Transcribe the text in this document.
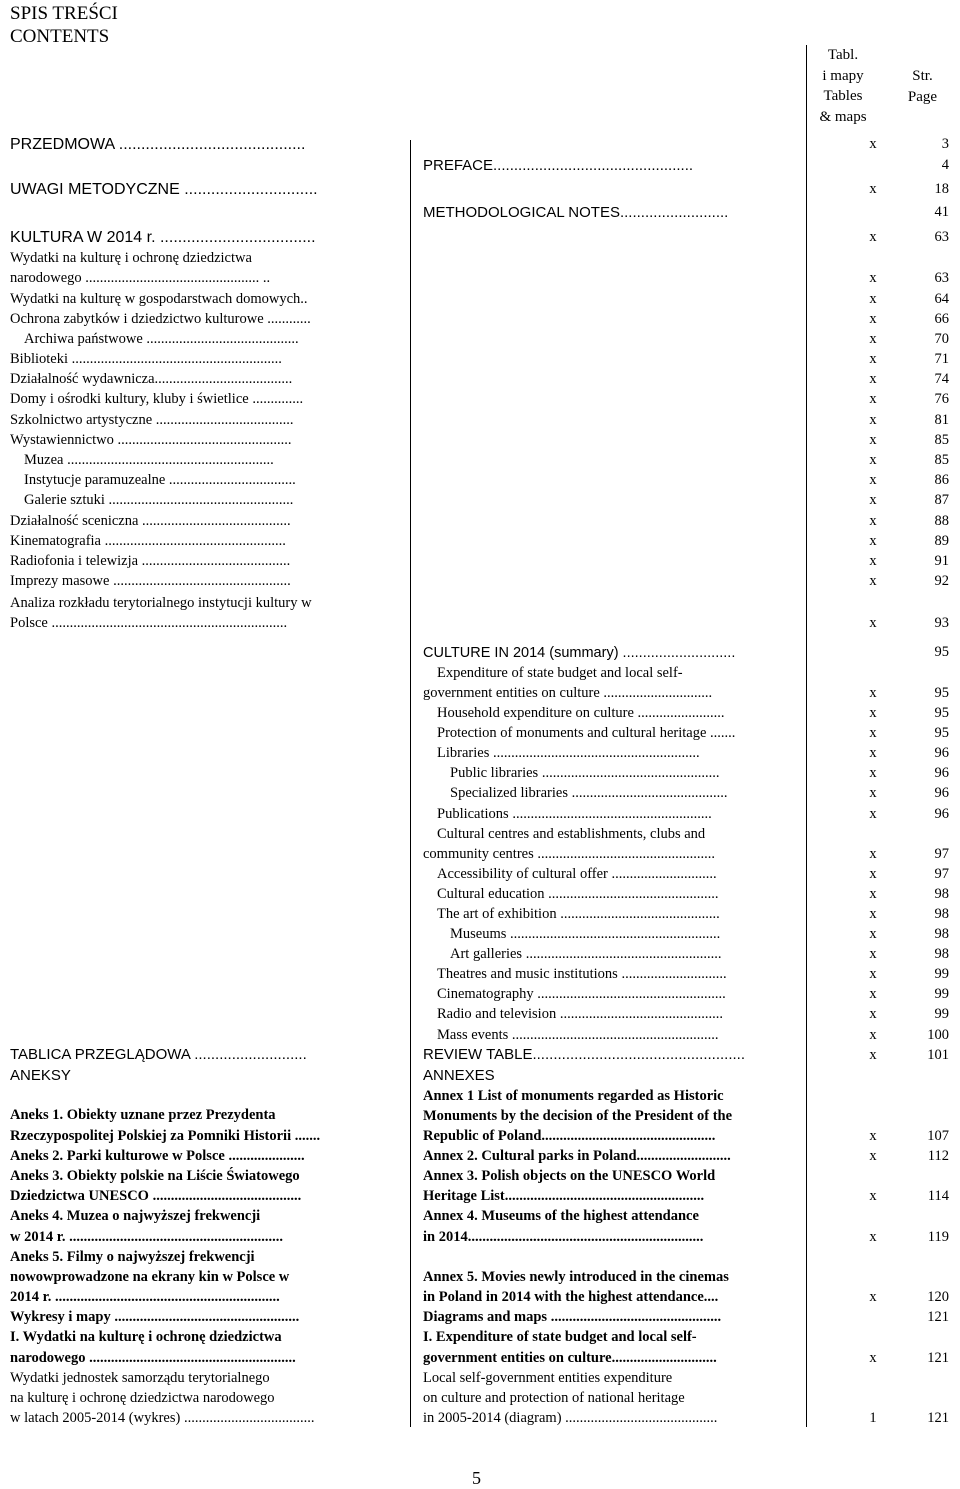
SPIS TREŚCI
CONTENTS
Tabl.
i mapy
Tables
& maps
Str.
Page
PRZEDMOWA ..........................................
UWAGI METODYCZNE ..............................
KULTURA W 2014 r. ...................................
Wydatki na kulturę i ochronę dziedzictwa
narodowego ................................................ ..
Wydatki na kulturę w gospodarstwach domowych..
Ochrona zabytków i dziedzictwo kulturowe ............
Archiwa państwowe ..........................................
Biblioteki ..........................................................
Działalność wydawnicza......................................
Domy i ośrodki kultury, kluby i świetlice ..............
Szkolnictwo artystyczne ......................................
Wystawiennictwo ................................................
Muzea .........................................................
Instytucje paramuzealne ...................................
Galerie sztuki ...................................................
Działalność sceniczna .........................................
Kinematografia ..................................................
Radiofonia i telewizja .........................................
Imprezy masowe .................................................
Analiza rozkładu terytorialnego instytucji kultury w
Polsce .................................................................
TABLICA PRZEGLĄDOWA ...........................
ANEKSY
Aneks 1. Obiekty uznane przez Prezydenta
Rzeczypospolitej Polskiej za Pomniki Historii .......
Aneks 2. Parki kulturowe w Polsce .....................
Aneks 3. Obiekty polskie na Liście Światowego
Dziedzictwa UNESCO .........................................
Aneks 4. Muzea o najwyższej frekwencji
w 2014 r. ...........................................................
Aneks 5. Filmy o najwyższej frekwencji
nowowprowadzone na ekrany kin w Polsce w
2014 r. ..............................................................
Wykresy i mapy ...................................................
I. Wydatki na kulturę i ochronę dziedzictwa
narodowego .........................................................
Wydatki jednostek samorządu terytorialnego
na kulturę i ochronę dziedzictwa narodowego
w latach 2005-2014 (wykres) ....................................
PREFACE................................................
METHODOLOGICAL NOTES..........................
CULTURE IN 2014 (summary) ............................
Expenditure of state budget and local self-
government entities on culture ..............................
Household expenditure on culture ........................
Protection of monuments and cultural heritage .......
Libraries .........................................................
Public libraries .................................................
Specialized libraries ...........................................
Publications .......................................................
Cultural centres and establishments, clubs and
community centres .................................................
Accessibility of cultural offer .............................
Cultural education ...............................................
The art of exhibition ............................................
Museums ..........................................................
Art galleries ......................................................
Theatres and music institutions .............................
Cinematography ....................................................
Radio and television .............................................
Mass events .........................................................
REVIEW TABLE...................................................
ANNEXES
Annex 1 List of monuments regarded as Historic
Monuments by the decision of the President of the
Republic of Poland................................................
Annex 2. Cultural parks in Poland..........................
Annex 3. Polish objects on the UNESCO World
Heritage List.......................................................
Annex 4. Museums of the highest attendance
in 2014.................................................................
Annex 5. Movies newly introduced in the cinemas
in Poland in 2014 with the highest attendance....
Diagrams and maps ...............................................
I. Expenditure of state budget and local self-
government entities on culture.............................
Local self-government entities expenditure
on culture and protection of national heritage
in 2005-2014 (diagram) ..........................................
x
x
x
x
x
x
x
x
x
x
x
x
x
x
x
x
x
x
x
x
x
x
x
x
x
x
x
x
x
x
x
x
x
x
x
x
x
x
x
x
x
x
x
x
1
3
4
18
41
63
63
64
66
70
71
74
76
81
85
85
86
87
88
89
91
92
93
95
95
95
95
96
96
96
96
97
97
98
98
98
98
99
99
99
100
101
107
112
114
119
120
121
121
121
5
